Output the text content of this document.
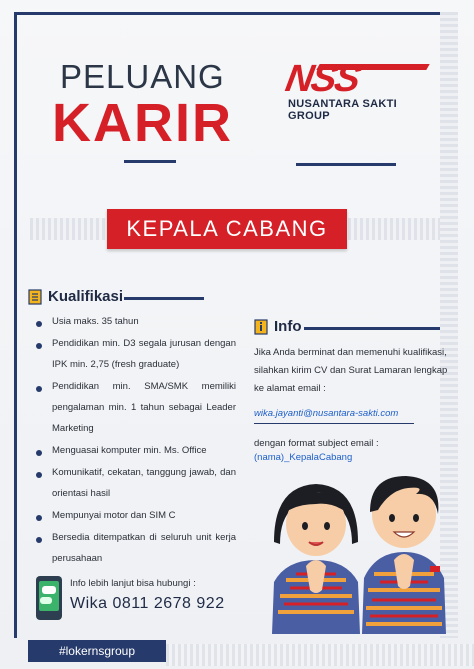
PELUANG
KARIR
NSS
NUSANTARA SAKTI GROUP
KEPALA CABANG
Kualifikasi
Usia maks. 35 tahun
Pendidikan min. D3 segala jurusan dengan IPK min. 2,75 (fresh graduate)
Pendidikan min. SMA/SMK memiliki pengalaman min. 1 tahun sebagai Leader Marketing
Menguasai komputer min. Ms. Office
Komunikatif, cekatan, tanggung jawab, dan orientasi hasil
Mempunyai motor dan SIM C
Bersedia ditempatkan di seluruh unit kerja perusahaan
Info
Jika Anda berminat dan memenuhi kualifikasi, silahkan kirim CV dan Surat Lamaran lengkap ke alamat email :
wika.jayanti@nusantara-sakti.com
dengan format subject email :
(nama)_KepalaCabang
Info lebih lanjut bisa hubungi :
Wika 0811 2678 922
#lokernsgroup
